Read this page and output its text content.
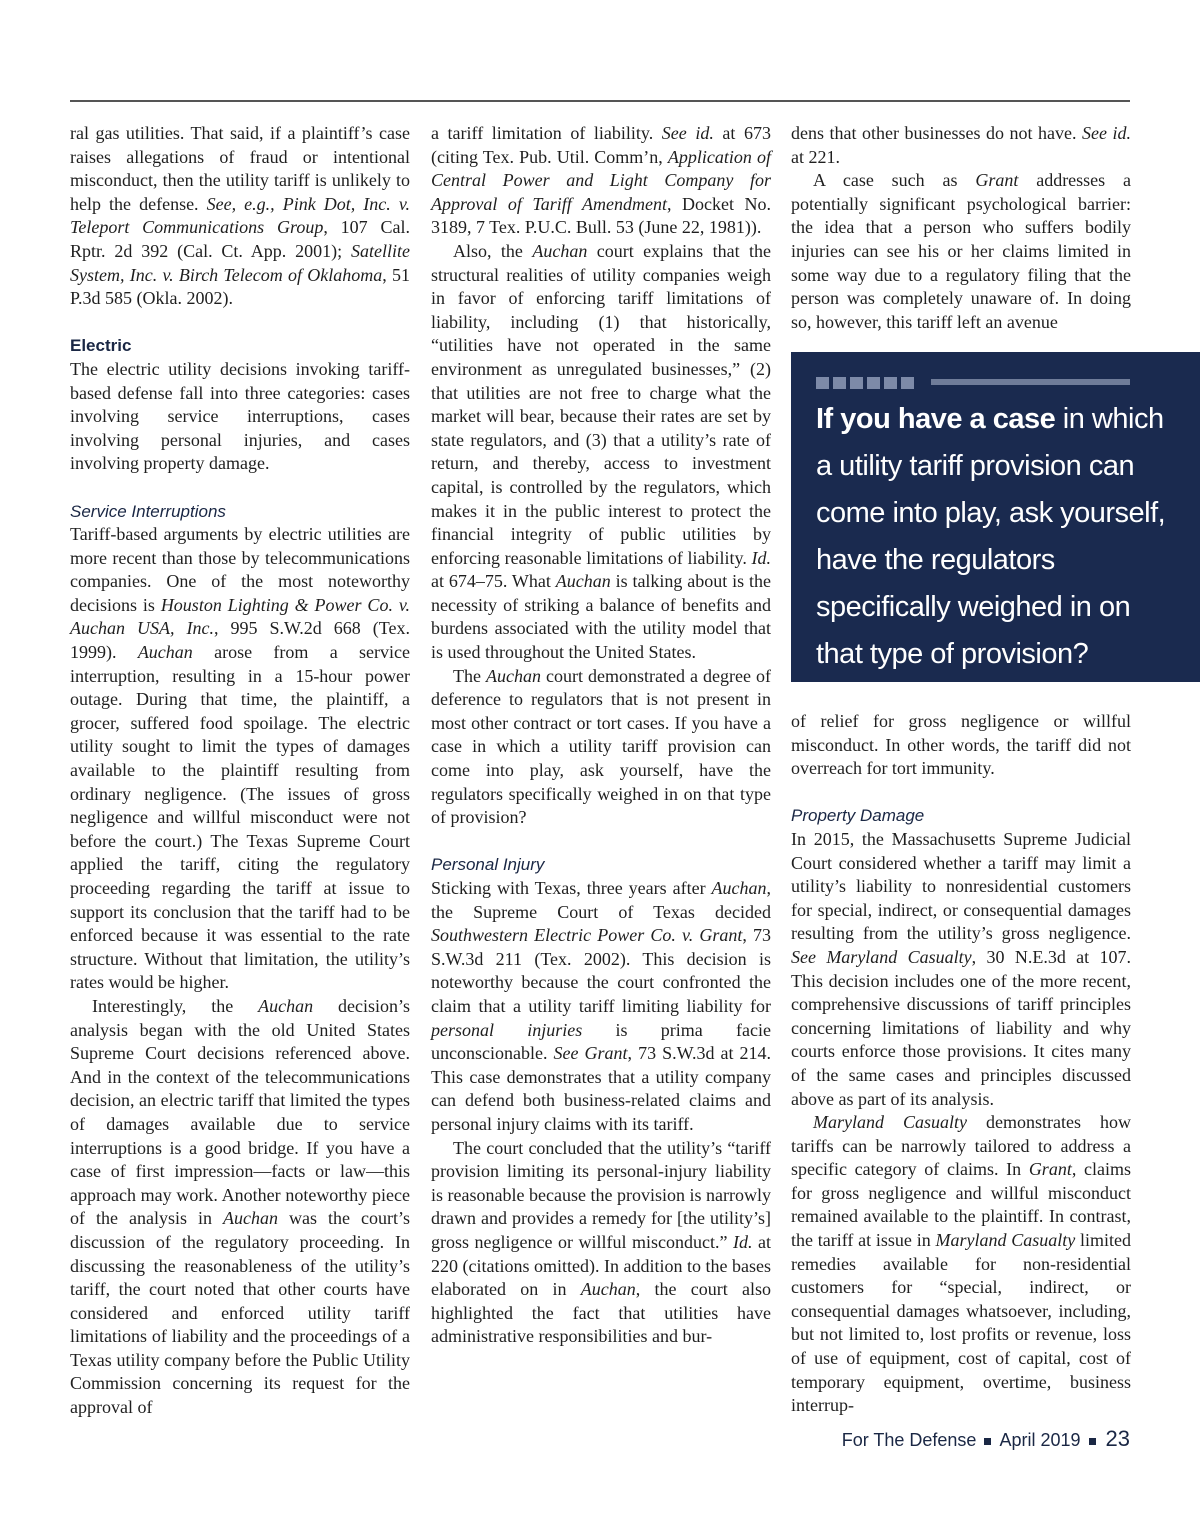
ral gas utilities. That said, if a plaintiff’s case raises allegations of fraud or intentional misconduct, then the utility tariff is unlikely to help the defense. See, e.g., Pink Dot, Inc. v. Teleport Communications Group, 107 Cal. Rptr. 2d 392 (Cal. Ct. App. 2001); Satellite System, Inc. v. Birch Telecom of Oklahoma, 51 P.3d 585 (Okla. 2002).

Electric

The electric utility decisions invoking tariff-based defense fall into three categories: cases involving service interruptions, cases involving personal injuries, and cases involving property damage.

Service Interruptions

Tariff-based arguments by electric utilities are more recent than those by telecommunications companies. One of the most noteworthy decisions is Houston Lighting & Power Co. v. Auchan USA, Inc., 995 S.W.2d 668 (Tex. 1999). Auchan arose from a service interruption, resulting in a 15-hour power outage. During that time, the plaintiff, a grocer, suffered food spoilage. The electric utility sought to limit the types of damages available to the plaintiff resulting from ordinary negligence. (The issues of gross negligence and willful misconduct were not before the court.) The Texas Supreme Court applied the tariff, citing the regulatory proceeding regarding the tariff at issue to support its conclusion that the tariff had to be enforced because it was essential to the rate structure. Without that limitation, the utility’s rates would be higher.

Interestingly, the Auchan decision’s analysis began with the old United States Supreme Court decisions referenced above. And in the context of the telecommunications decision, an electric tariff that limited the types of damages available due to service interruptions is a good bridge. If you have a case of first impression—facts or law—this approach may work. Another noteworthy piece of the analysis in Auchan was the court’s discussion of the regulatory proceeding. In discussing the reasonableness of the utility’s tariff, the court noted that other courts have considered and enforced utility tariff limitations of liability and the proceedings of a Texas utility company before the Public Utility Commission concerning its request for the approval of

a tariff limitation of liability. See id. at 673 (citing Tex. Pub. Util. Comm’n, Application of Central Power and Light Company for Approval of Tariff Amendment, Docket No. 3189, 7 Tex. P.U.C. Bull. 53 (June 22, 1981)).

Also, the Auchan court explains that the structural realities of utility companies weigh in favor of enforcing tariff limitations of liability, including (1) that historically, “utilities have not operated in the same environment as unregulated businesses,” (2) that utilities are not free to charge what the market will bear, because their rates are set by state regulators, and (3) that a utility’s rate of return, and thereby, access to investment capital, is controlled by the regulators, which makes it in the public interest to protect the financial integrity of public utilities by enforcing reasonable limitations of liability. Id. at 674–75. What Auchan is talking about is the necessity of striking a balance of benefits and burdens associated with the utility model that is used throughout the United States.

The Auchan court demonstrated a degree of deference to regulators that is not present in most other contract or tort cases. If you have a case in which a utility tariff provision can come into play, ask yourself, have the regulators specifically weighed in on that type of provision?

Personal Injury

Sticking with Texas, three years after Auchan, the Supreme Court of Texas decided Southwestern Electric Power Co. v. Grant, 73 S.W.3d 211 (Tex. 2002). This decision is noteworthy because the court confronted the claim that a utility tariff limiting liability for personal injuries is prima facie unconscionable. See Grant, 73 S.W.3d at 214. This case demonstrates that a utility company can defend both business-related claims and personal injury claims with its tariff.

The court concluded that the utility’s “tariff provision limiting its personal-injury liability is reasonable because the provision is narrowly drawn and provides a remedy for [the utility’s] gross negligence or willful misconduct.” Id. at 220 (citations omitted). In addition to the bases elaborated on in Auchan, the court also highlighted the fact that utilities have administrative responsibilities and bur-

dens that other businesses do not have. See id. at 221.

A case such as Grant addresses a potentially significant psychological barrier: the idea that a person who suffers bodily injuries can see his or her claims limited in some way due to a regulatory filing that the person was completely unaware of. In doing so, however, this tariff left an avenue

If you have a case in which a utility tariff provision can come into play, ask yourself, have the regulators specifically weighed in on that type of provision?

of relief for gross negligence or willful misconduct. In other words, the tariff did not overreach for tort immunity.

Property Damage

In 2015, the Massachusetts Supreme Judicial Court considered whether a tariff may limit a utility’s liability to nonresidential customers for special, indirect, or consequential damages resulting from the utility’s gross negligence. See Maryland Casualty, 30 N.E.3d at 107. This decision includes one of the more recent, comprehensive discussions of tariff principles concerning limitations of liability and why courts enforce those provisions. It cites many of the same cases and principles discussed above as part of its analysis.

Maryland Casualty demonstrates how tariffs can be narrowly tailored to address a specific category of claims. In Grant, claims for gross negligence and willful misconduct remained available to the plaintiff. In contrast, the tariff at issue in Maryland Casualty limited remedies available for non-residential customers for “special, indirect, or consequential damages whatsoever, including, but not limited to, lost profits or revenue, loss of use of equipment, cost of capital, cost of temporary equipment, overtime, business interrup-

For The Defense April 2019 23
